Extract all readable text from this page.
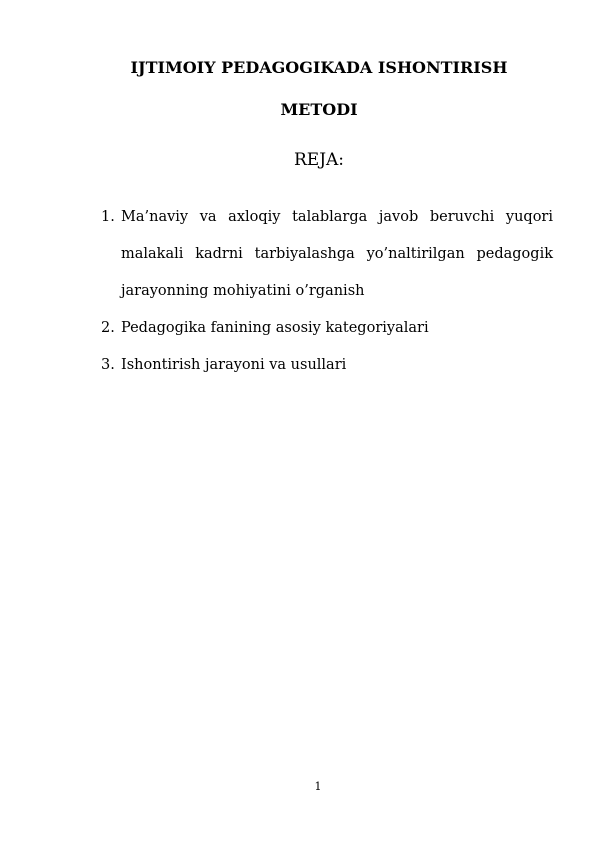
IJTIMOIY PEDAGOGIKADA ISHONTIRISH
METODI
REJA:
1. Ma’naviy va axloqiy talablarga javob beruvchi yuqori malakali kadrni tarbiyalashga yo’naltirilgan pedagogik jarayonning mohiyatini o’rganish
2. Pedagogika fanining asosiy kategoriyalari
3. Ishontirish jarayoni va usullari
1
